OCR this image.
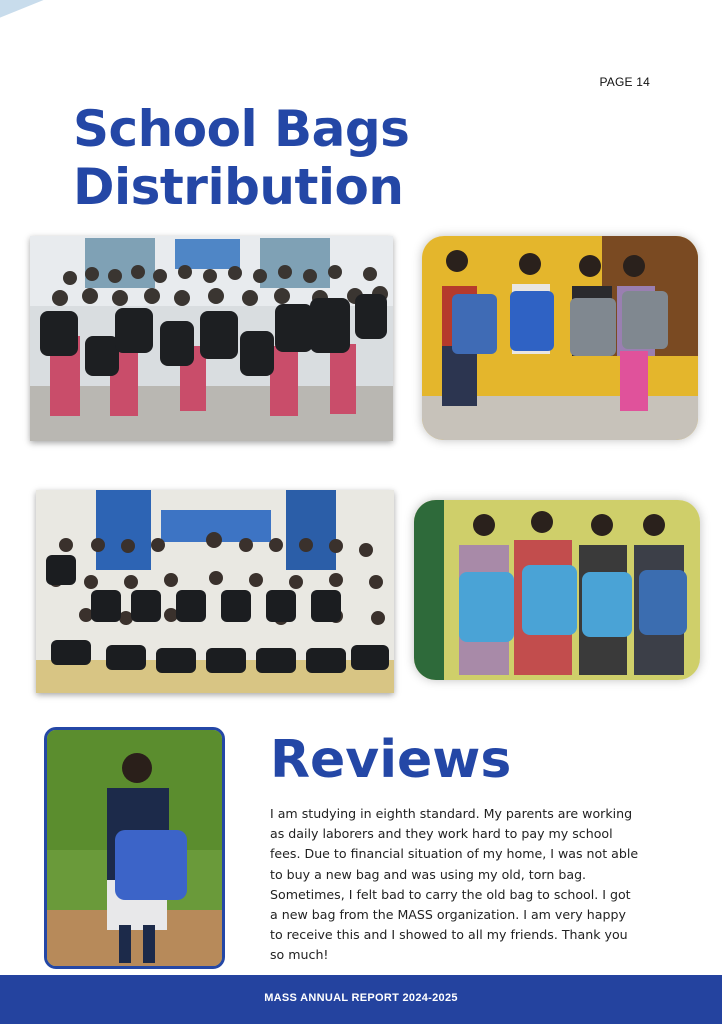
PAGE 14
School Bags
Distribution
Reviews

I am studying in eighth standard. My parents are working as daily laborers and they work hard to pay my school fees. Due to financial situation of my home, I was not able to buy a new bag and was using my old, torn bag. Sometimes, I felt bad to carry the old bag to school. I got a new bag from the MASS organization. I am very happy to receive this and I showed to all my friends. Thank you so much!

MASS ANNUAL REPORT 2024-2025
